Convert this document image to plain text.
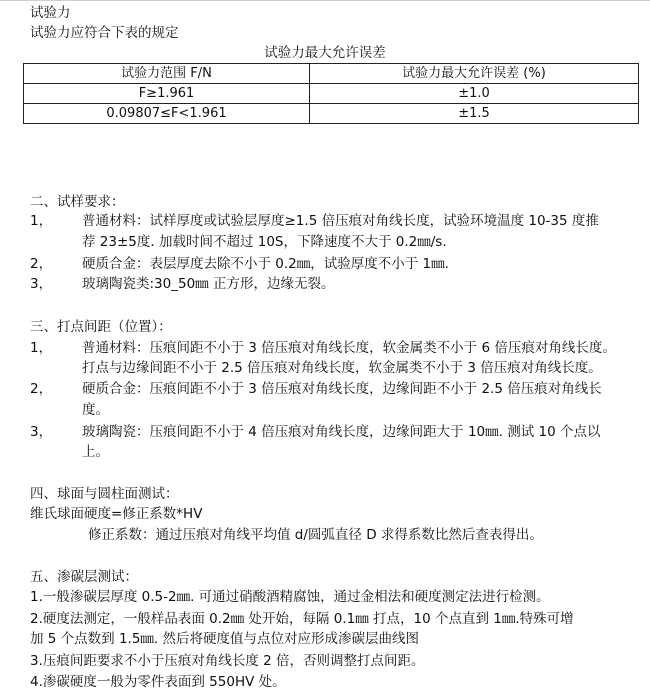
试验力
试验力应符合下表的规定
试验力最大允许误差
试验力范围 F/N	试验力最大允许误差 (%)
F≥1.961	±1.0
0.09807≤F<1.961	±1.5
二、试样要求：
1， 普通材料：试样厚度或试验层厚度≥1.5 倍压痕对角线长度，试验环境温度 10-35 度推
荐 23±5度. 加载时间不超过 10S，下降速度不大于 0.2㎜/s.
2， 硬质合金：表层厚度去除不小于 0.2㎜，试验厚度不小于 1㎜.
3， 玻璃陶瓷类:30_50㎜ 正方形，边缘无裂。
三、打点间距（位置）：
1， 普通材料：压痕间距不小于 3 倍压痕对角线长度，软金属类不小于 6 倍压痕对角线长度。
打点与边缘间距不小于 2.5 倍压痕对角线长度，软金属类不小于 3 倍压痕对角线长度。
2， 硬质合金：压痕间距不小于 3 倍压痕对角线长度，边缘间距不小于 2.5 倍压痕对角线长
度。
3， 玻璃陶瓷：压痕间距不小于 4 倍压痕对角线长度，边缘间距大于 10㎜. 测试 10 个点以
上。
四、球面与圆柱面测试：
维氏球面硬度=修正系数*HV
修正系数：通过压痕对角线平均值 d/圆弧直径 D 求得系数比然后查表得出。
五、渗碳层测试：
1.一般渗碳层厚度 0.5-2㎜. 可通过硝酸酒精腐蚀，通过金相法和硬度测定法进行检测。
2.硬度法测定，一般样品表面 0.2㎜ 处开始，每隔 0.1㎜ 打点，10 个点直到 1㎜.特殊可增
加 5 个点数到 1.5㎜. 然后将硬度值与点位对应形成渗碳层曲线图
3.压痕间距要求不小于压痕对角线长度 2 倍，否则调整打点间距。
4.渗碳硬度一般为零件表面到 550HV 处。
